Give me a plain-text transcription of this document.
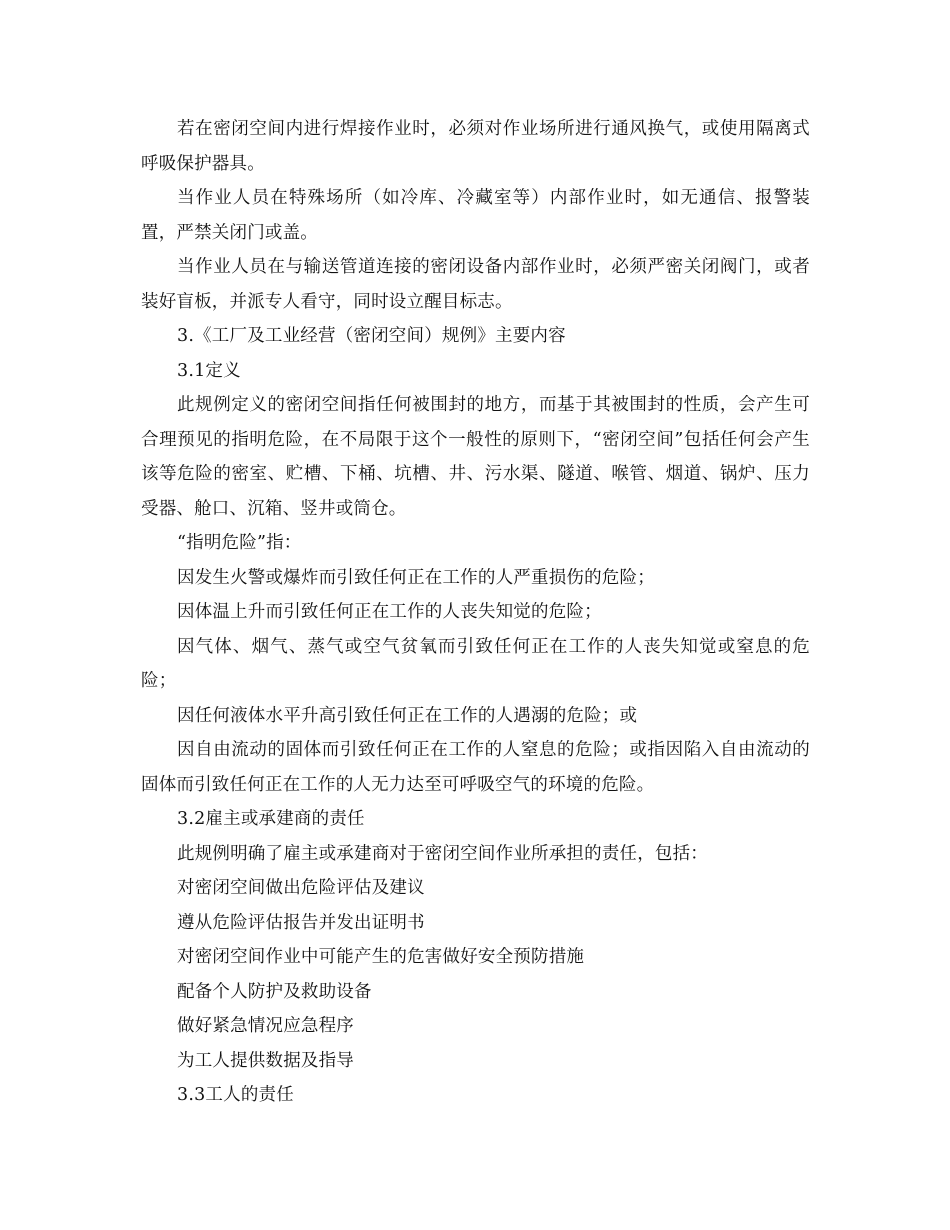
若在密闭空间内进行焊接作业时，必须对作业场所进行通风换气，或使用隔离式呼吸保护器具。

当作业人员在特殊场所（如冷库、冷藏室等）内部作业时，如无通信、报警装置，严禁关闭门或盖。

当作业人员在与输送管道连接的密闭设备内部作业时，必须严密关闭阀门，或者装好盲板，并派专人看守，同时设立醒目标志。

3.《工厂及工业经营（密闭空间）规例》主要内容

3.1定义

此规例定义的密闭空间指任何被围封的地方，而基于其被围封的性质，会产生可合理预见的指明危险，在不局限于这个一般性的原则下，“密闭空间”包括任何会产生该等危险的密室、贮槽、下桶、坑槽、井、污水渠、隧道、喉管、烟道、锅炉、压力受器、舱口、沉箱、竖井或筒仓。

“指明危险”指：

因发生火警或爆炸而引致任何正在工作的人严重损伤的危险；

因体温上升而引致任何正在工作的人丧失知觉的危险；

因气体、烟气、蒸气或空气贫氧而引致任何正在工作的人丧失知觉或窒息的危险；

因任何液体水平升高引致任何正在工作的人遇溺的危险；或

因自由流动的固体而引致任何正在工作的人窒息的危险；或指因陷入自由流动的固体而引致任何正在工作的人无力达至可呼吸空气的环境的危险。

3.2雇主或承建商的责任

此规例明确了雇主或承建商对于密闭空间作业所承担的责任，包括：

对密闭空间做出危险评估及建议

遵从危险评估报告并发出证明书

对密闭空间作业中可能产生的危害做好安全预防措施

配备个人防护及救助设备

做好紧急情况应急程序

为工人提供数据及指导

3.3工人的责任
